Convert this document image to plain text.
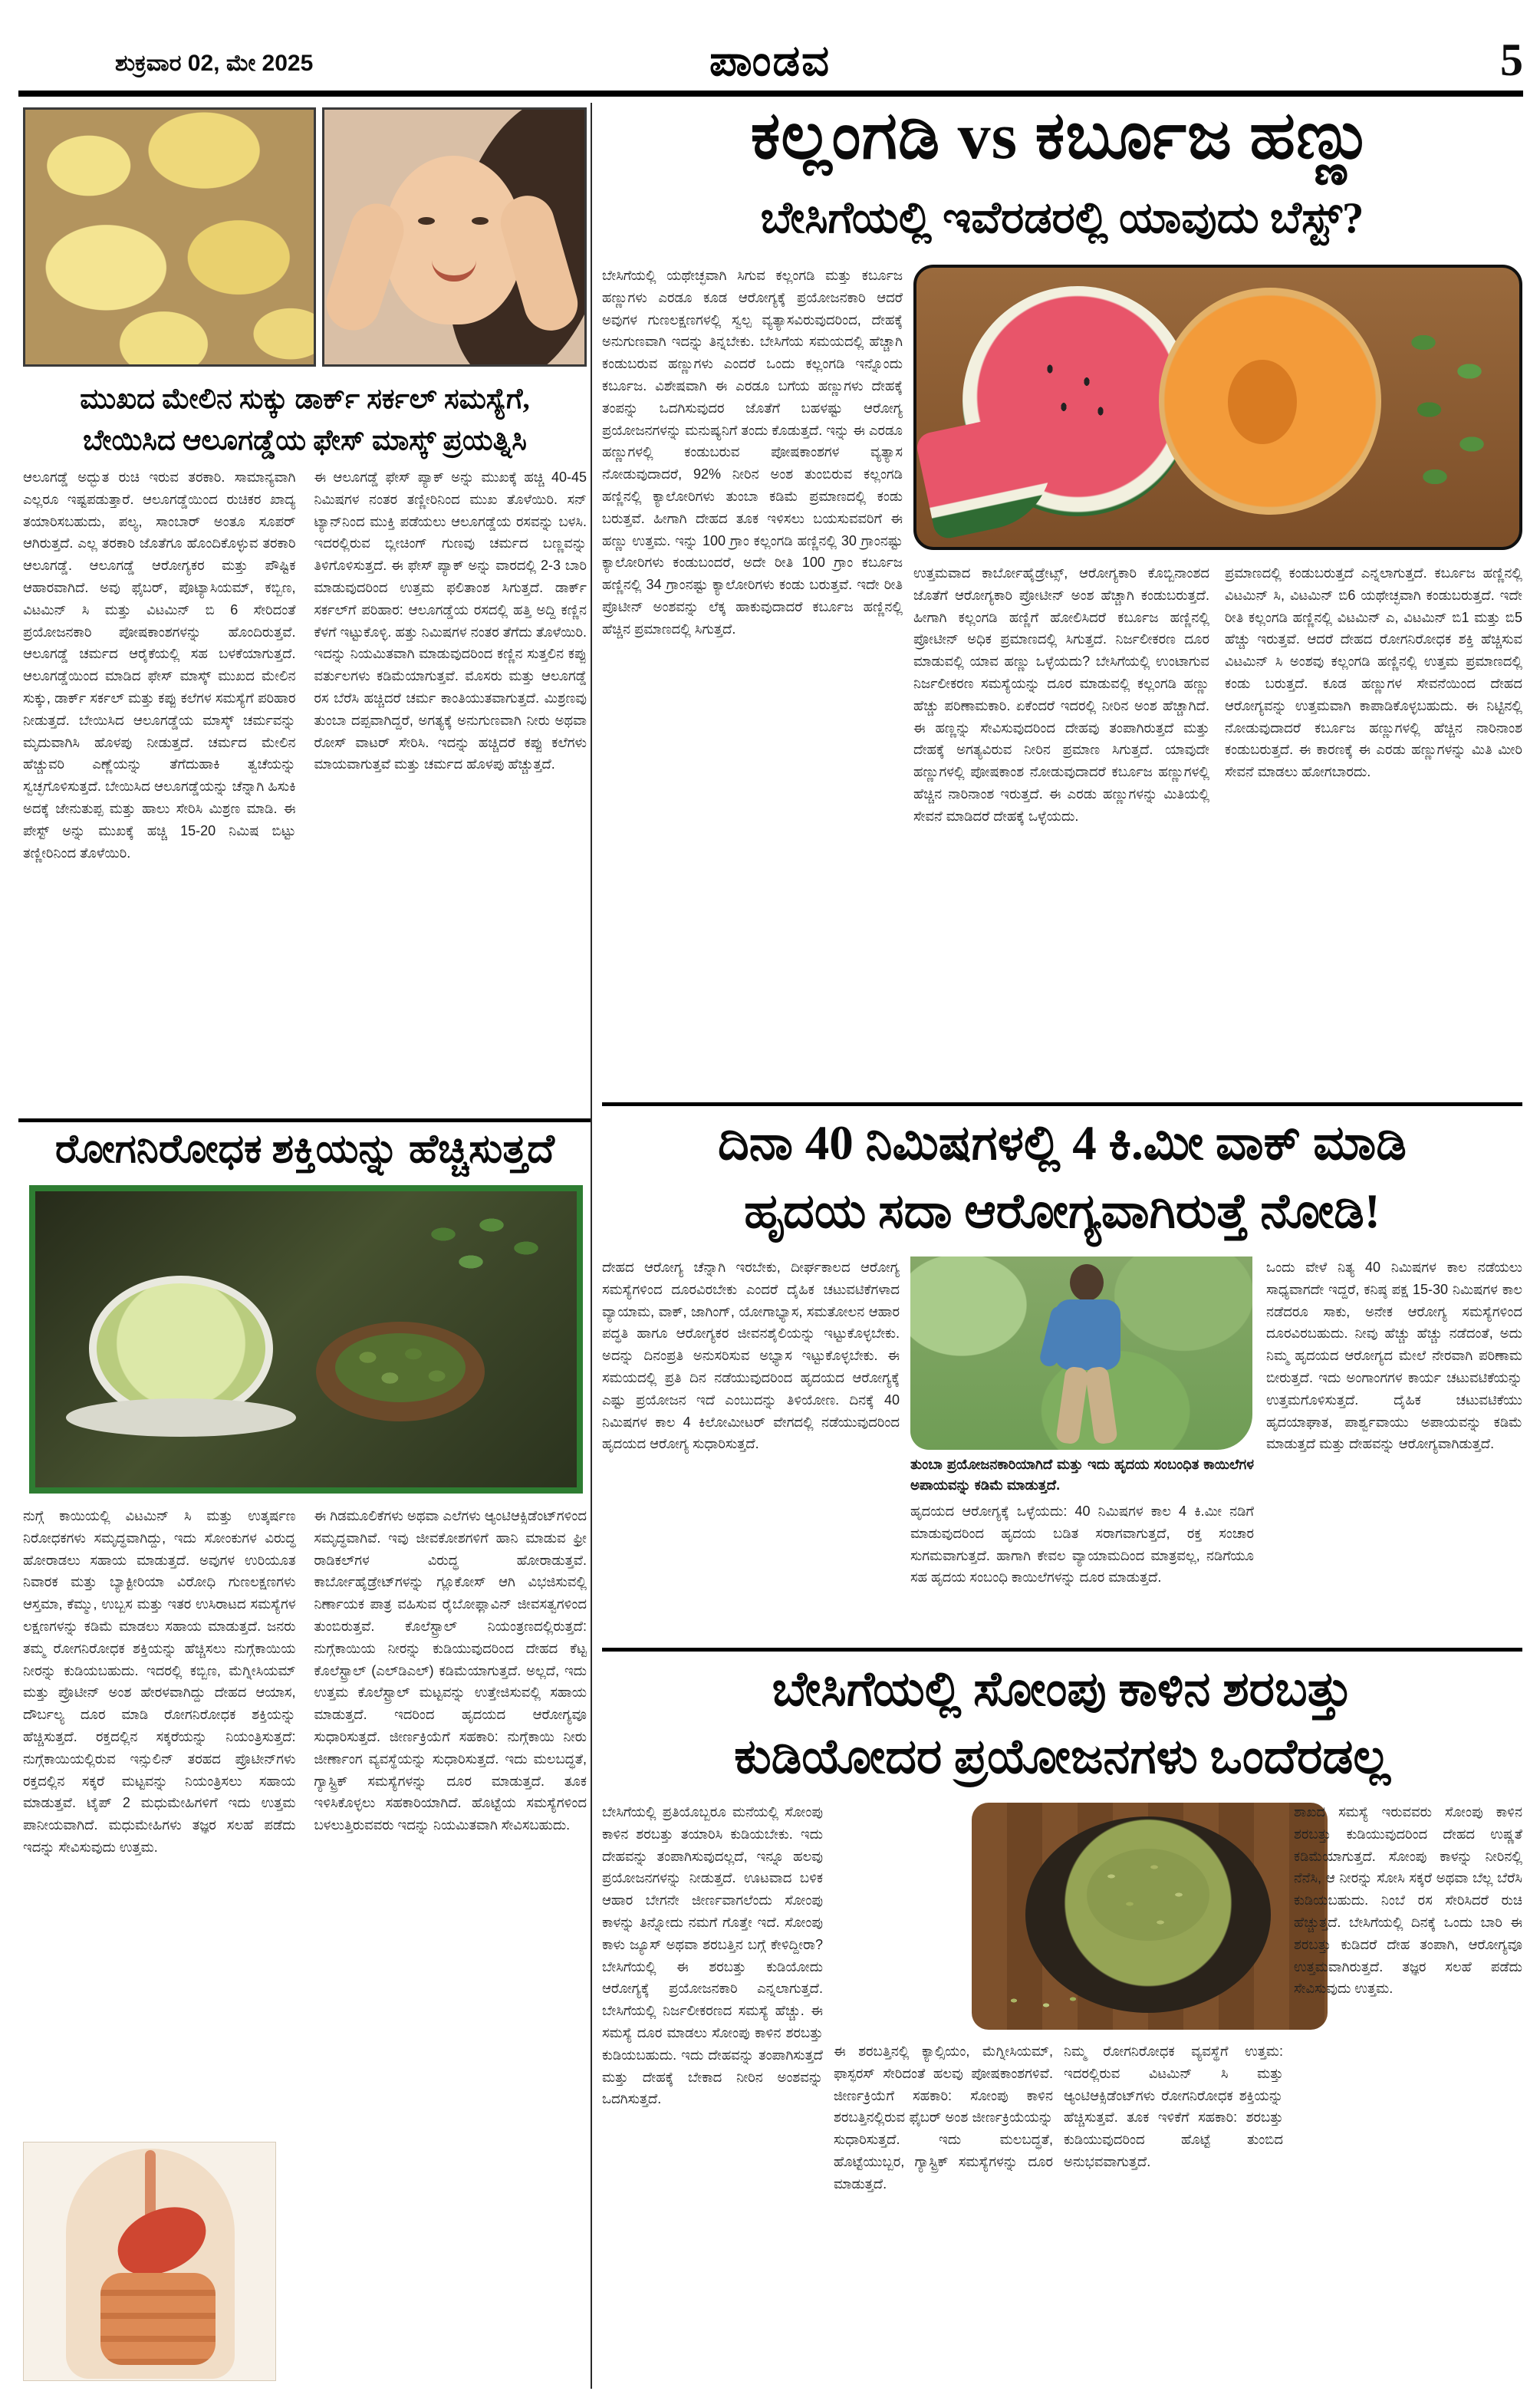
ಶುಕ್ರವಾರ 02, ಮೇ 2025	ಪಾಂಡವ	5
ಮುಖದ ಮೇಲಿನ ಸುಕ್ಕು ಡಾರ್ಕ್ ಸರ್ಕಲ್ ಸಮಸ್ಯೆಗೆ,
ಬೇಯಿಸಿದ ಆಲೂಗಡ್ಡೆಯ ಫೇಸ್ ಮಾಸ್ಕ್ ಪ್ರಯತ್ನಿಸಿ
ಆಲೂಗಡ್ಡೆ ಅದ್ಭುತ ರುಚಿ ಇರುವ ತರಕಾರಿ. ಸಾಮಾನ್ಯವಾಗಿ ಎಲ್ಲರೂ ಇಷ್ಟಪಡುತ್ತಾರೆ. ಆಲೂಗಡ್ಡೆಯಿಂದ ರುಚಿಕರ ಖಾದ್ಯ ತಯಾರಿಸಬಹುದು, ಪಲ್ಯ, ಸಾಂಬಾರ್ ಅಂತೂ ಸೂಪರ್ ಆಗಿರುತ್ತದೆ. ಎಲ್ಲ ತರಕಾರಿ ಜೊತೆಗೂ ಹೊಂದಿಕೊಳ್ಳುವ ತರಕಾರಿ ಆಲೂಗಡ್ಡೆ. ಆಲೂಗಡ್ಡೆ ಆರೋಗ್ಯಕರ ಮತ್ತು ಪೌಷ್ಟಿಕ ಆಹಾರವಾಗಿದೆ. ಅವು ಫೈಬರ್, ಪೊಟ್ಯಾಸಿಯಮ್, ಕಬ್ಬಿಣ, ವಿಟಮಿನ್ ಸಿ ಮತ್ತು ವಿಟಮಿನ್ ಬಿ 6 ಸೇರಿದಂತೆ ಪ್ರಯೋಜನಕಾರಿ ಪೋಷಕಾಂಶಗಳನ್ನು ಹೊಂದಿರುತ್ತವೆ. ಆಲೂಗಡ್ಡೆ ಚರ್ಮದ ಆರೈಕೆಯಲ್ಲಿ ಸಹ ಬಳಕೆಯಾಗುತ್ತದೆ. ಆಲೂಗಡ್ಡೆಯಿಂದ ಮಾಡಿದ ಫೇಸ್ ಮಾಸ್ಕ್ ಮುಖದ ಮೇಲಿನ ಸುಕ್ಕು, ಡಾರ್ಕ್ ಸರ್ಕಲ್ ಮತ್ತು ಕಪ್ಪು ಕಲೆಗಳ ಸಮಸ್ಯೆಗೆ ಪರಿಹಾರ ನೀಡುತ್ತದೆ. ಬೇಯಿಸಿದ ಆಲೂಗಡ್ಡೆಯ ಮಾಸ್ಕ್ ಚರ್ಮವನ್ನು ಮೃದುವಾಗಿಸಿ ಹೊಳಪು ನೀಡುತ್ತದೆ. ಚರ್ಮದ ಮೇಲಿನ ಹೆಚ್ಚುವರಿ ಎಣ್ಣೆಯನ್ನು ತೆಗೆದುಹಾಕಿ ತ್ವಚೆಯನ್ನು ಸ್ವಚ್ಛಗೊಳಿಸುತ್ತದೆ. ಬೇಯಿಸಿದ ಆಲೂಗಡ್ಡೆಯನ್ನು ಚೆನ್ನಾಗಿ ಹಿಸುಕಿ ಅದಕ್ಕೆ ಜೇನುತುಪ್ಪ ಮತ್ತು ಹಾಲು ಸೇರಿಸಿ ಮಿಶ್ರಣ ಮಾಡಿ. ಈ ಪೇಸ್ಟ್ ಅನ್ನು ಮುಖಕ್ಕೆ ಹಚ್ಚಿ 15-20 ನಿಮಿಷ ಬಿಟ್ಟು ತಣ್ಣೀರಿನಿಂದ ತೊಳೆಯಿರಿ.
ಈ ಆಲೂಗಡ್ಡೆ ಫೇಸ್ ಪ್ಯಾಕ್ ಅನ್ನು ಮುಖಕ್ಕೆ ಹಚ್ಚಿ 40-45 ನಿಮಿಷಗಳ ನಂತರ ತಣ್ಣೀರಿನಿಂದ ಮುಖ ತೊಳೆಯಿರಿ. ಸನ್ ಟ್ಯಾನ್‌ನಿಂದ ಮುಕ್ತಿ ಪಡೆಯಲು ಆಲೂಗಡ್ಡೆಯ ರಸವನ್ನು ಬಳಸಿ. ಇದರಲ್ಲಿರುವ ಬ್ಲೀಚಿಂಗ್ ಗುಣವು ಚರ್ಮದ ಬಣ್ಣವನ್ನು ತಿಳಿಗೊಳಿಸುತ್ತದೆ. ಈ ಫೇಸ್ ಪ್ಯಾಕ್ ಅನ್ನು ವಾರದಲ್ಲಿ 2-3 ಬಾರಿ ಮಾಡುವುದರಿಂದ ಉತ್ತಮ ಫಲಿತಾಂಶ ಸಿಗುತ್ತದೆ. ಡಾರ್ಕ್ ಸರ್ಕಲ್‌ಗೆ ಪರಿಹಾರ: ಆಲೂಗಡ್ಡೆಯ ರಸದಲ್ಲಿ ಹತ್ತಿ ಅದ್ದಿ ಕಣ್ಣಿನ ಕೆಳಗೆ ಇಟ್ಟುಕೊಳ್ಳಿ. ಹತ್ತು ನಿಮಿಷಗಳ ನಂತರ ತೆಗೆದು ತೊಳೆಯಿರಿ. ಇದನ್ನು ನಿಯಮಿತವಾಗಿ ಮಾಡುವುದರಿಂದ ಕಣ್ಣಿನ ಸುತ್ತಲಿನ ಕಪ್ಪು ವರ್ತುಲಗಳು ಕಡಿಮೆಯಾಗುತ್ತವೆ. ಮೊಸರು ಮತ್ತು ಆಲೂಗಡ್ಡೆ ರಸ ಬೆರೆಸಿ ಹಚ್ಚಿದರೆ ಚರ್ಮ ಕಾಂತಿಯುತವಾಗುತ್ತದೆ. ಮಿಶ್ರಣವು ತುಂಬಾ ದಪ್ಪವಾಗಿದ್ದರೆ, ಅಗತ್ಯಕ್ಕೆ ಅನುಗುಣವಾಗಿ ನೀರು ಅಥವಾ ರೋಸ್ ವಾಟರ್ ಸೇರಿಸಿ. ಇದನ್ನು ಹಚ್ಚಿದರೆ ಕಪ್ಪು ಕಲೆಗಳು ಮಾಯವಾಗುತ್ತವೆ ಮತ್ತು ಚರ್ಮದ ಹೊಳಪು ಹೆಚ್ಚುತ್ತದೆ.
ರೋಗನಿರೋಧಕ ಶಕ್ತಿಯನ್ನು ಹೆಚ್ಚಿಸುತ್ತದೆ
ನುಗ್ಗೆ ಕಾಯಿಯಲ್ಲಿ ವಿಟಮಿನ್ ಸಿ ಮತ್ತು ಉತ್ಕರ್ಷಣ ನಿರೋಧಕಗಳು ಸಮೃದ್ಧವಾಗಿದ್ದು, ಇದು ಸೋಂಕುಗಳ ವಿರುದ್ಧ ಹೋರಾಡಲು ಸಹಾಯ ಮಾಡುತ್ತದೆ. ಅವುಗಳ ಉರಿಯೂತ ನಿವಾರಕ ಮತ್ತು ಬ್ಯಾಕ್ಟೀರಿಯಾ ವಿರೋಧಿ ಗುಣಲಕ್ಷಣಗಳು ಆಸ್ತಮಾ, ಕೆಮ್ಮು, ಉಬ್ಬಸ ಮತ್ತು ಇತರ ಉಸಿರಾಟದ ಸಮಸ್ಯೆಗಳ ಲಕ್ಷಣಗಳನ್ನು ಕಡಿಮೆ ಮಾಡಲು ಸಹಾಯ ಮಾಡುತ್ತದೆ. ಜನರು ತಮ್ಮ ರೋಗನಿರೋಧಕ ಶಕ್ತಿಯನ್ನು ಹೆಚ್ಚಿಸಲು ನುಗ್ಗೆಕಾಯಿಯ ನೀರನ್ನು ಕುಡಿಯಬಹುದು. ಇದರಲ್ಲಿ ಕಬ್ಬಿಣ, ಮೆಗ್ನೀಸಿಯಮ್ ಮತ್ತು ಪ್ರೊಟೀನ್ ಅಂಶ ಹೇರಳವಾಗಿದ್ದು ದೇಹದ ಆಯಾಸ, ದೌರ್ಬಲ್ಯ ದೂರ ಮಾಡಿ ರೋಗನಿರೋಧಕ ಶಕ್ತಿಯನ್ನು ಹೆಚ್ಚಿಸುತ್ತದೆ. ರಕ್ತದಲ್ಲಿನ ಸಕ್ಕರೆಯನ್ನು ನಿಯಂತ್ರಿಸುತ್ತದೆ: ನುಗ್ಗೆಕಾಯಿಯಲ್ಲಿರುವ ಇನ್ಸುಲಿನ್ ತರಹದ ಪ್ರೊಟೀನ್‌ಗಳು ರಕ್ತದಲ್ಲಿನ ಸಕ್ಕರೆ ಮಟ್ಟವನ್ನು ನಿಯಂತ್ರಿಸಲು ಸಹಾಯ ಮಾಡುತ್ತವೆ. ಟೈಪ್ 2 ಮಧುಮೇಹಿಗಳಿಗೆ ಇದು ಉತ್ತಮ ಪಾನೀಯವಾಗಿದೆ. ಮಧುಮೇಹಿಗಳು ತಜ್ಞರ ಸಲಹೆ ಪಡೆದು ಇದನ್ನು ಸೇವಿಸುವುದು ಉತ್ತಮ.
ಈ ಗಿಡಮೂಲಿಕೆಗಳು ಅಥವಾ ಎಲೆಗಳು ಆ್ಯಂಟಿಆಕ್ಸಿಡೆಂಟ್‌ಗಳಿಂದ ಸಮೃದ್ಧವಾಗಿವೆ. ಇವು ಜೀವಕೋಶಗಳಿಗೆ ಹಾನಿ ಮಾಡುವ ಫ್ರೀ ರಾಡಿಕಲ್‌ಗಳ ವಿರುದ್ಧ ಹೋರಾಡುತ್ತವೆ. ಕಾರ್ಬೋಹೈಡ್ರೇಟ್‌ಗಳನ್ನು ಗ್ಲೂಕೋಸ್ ಆಗಿ ವಿಭಜಿಸುವಲ್ಲಿ ನಿರ್ಣಾಯಕ ಪಾತ್ರ ವಹಿಸುವ ರೈಬೋಫ್ಲಾವಿನ್ ಜೀವಸತ್ವಗಳಿಂದ ತುಂಬಿರುತ್ತವೆ. ಕೊಲೆಸ್ಟ್ರಾಲ್ ನಿಯಂತ್ರಣದಲ್ಲಿರುತ್ತದೆ: ನುಗ್ಗೆಕಾಯಿಯ ನೀರನ್ನು ಕುಡಿಯುವುದರಿಂದ ದೇಹದ ಕೆಟ್ಟ ಕೊಲೆಸ್ಟ್ರಾಲ್ (ಎಲ್‌ಡಿಎಲ್) ಕಡಿಮೆಯಾಗುತ್ತದೆ. ಅಲ್ಲದೆ, ಇದು ಉತ್ತಮ ಕೊಲೆಸ್ಟ್ರಾಲ್ ಮಟ್ಟವನ್ನು ಉತ್ತೇಜಿಸುವಲ್ಲಿ ಸಹಾಯ ಮಾಡುತ್ತದೆ. ಇದರಿಂದ ಹೃದಯದ ಆರೋಗ್ಯವೂ ಸುಧಾರಿಸುತ್ತದೆ. ಜೀರ್ಣಕ್ರಿಯೆಗೆ ಸಹಕಾರಿ: ನುಗ್ಗೆಕಾಯಿ ನೀರು ಜೀರ್ಣಾಂಗ ವ್ಯವಸ್ಥೆಯನ್ನು ಸುಧಾರಿಸುತ್ತದೆ. ಇದು ಮಲಬದ್ಧತೆ, ಗ್ಯಾಸ್ಟ್ರಿಕ್ ಸಮಸ್ಯೆಗಳನ್ನು ದೂರ ಮಾಡುತ್ತದೆ. ತೂಕ ಇಳಿಸಿಕೊಳ್ಳಲು ಸಹಕಾರಿಯಾಗಿದೆ. ಹೊಟ್ಟೆಯ ಸಮಸ್ಯೆಗಳಿಂದ ಬಳಲುತ್ತಿರುವವರು ಇದನ್ನು ನಿಯಮಿತವಾಗಿ ಸೇವಿಸಬಹುದು.
ಕಲ್ಲಂಗಡಿ vs ಕರ್ಬೂಜ ಹಣ್ಣು
ಬೇಸಿಗೆಯಲ್ಲಿ ಇವೆರಡರಲ್ಲಿ ಯಾವುದು ಬೆಸ್ಟ್?
ಬೇಸಿಗೆಯಲ್ಲಿ ಯಥೇಚ್ಛವಾಗಿ ಸಿಗುವ ಕಲ್ಲಂಗಡಿ ಮತ್ತು ಕರ್ಬೂಜ ಹಣ್ಣುಗಳು ಎರಡೂ ಕೂಡ ಆರೋಗ್ಯಕ್ಕೆ ಪ್ರಯೋಜನಕಾರಿ ಆದರೆ ಅವುಗಳ ಗುಣಲಕ್ಷಣಗಳಲ್ಲಿ ಸ್ವಲ್ಪ ವ್ಯತ್ಯಾಸವಿರುವುದರಿಂದ, ದೇಹಕ್ಕೆ ಅನುಗುಣವಾಗಿ ಇದನ್ನು ತಿನ್ನಬೇಕು. ಬೇಸಿಗೆಯ ಸಮಯದಲ್ಲಿ ಹೆಚ್ಚಾಗಿ ಕಂಡುಬರುವ ಹಣ್ಣುಗಳು ಎಂದರೆ ಒಂದು ಕಲ್ಲಂಗಡಿ ಇನ್ನೊಂದು ಕರ್ಬೂಜ. ವಿಶೇಷವಾಗಿ ಈ ಎರಡೂ ಬಗೆಯ ಹಣ್ಣುಗಳು ದೇಹಕ್ಕೆ ತಂಪನ್ನು ಒದಗಿಸುವುದರ ಜೊತೆಗೆ ಬಹಳಷ್ಟು ಆರೋಗ್ಯ ಪ್ರಯೋಜನಗಳನ್ನು ಮನುಷ್ಯನಿಗೆ ತಂದು ಕೊಡುತ್ತದೆ. ಇನ್ನು ಈ ಎರಡೂ ಹಣ್ಣುಗಳಲ್ಲಿ ಕಂಡುಬರುವ ಪೋಷಕಾಂಶಗಳ ವ್ಯತ್ಯಾಸ ನೋಡುವುದಾದರೆ, 92% ನೀರಿನ ಅಂಶ ತುಂಬಿರುವ ಕಲ್ಲಂಗಡಿ ಹಣ್ಣಿನಲ್ಲಿ ಕ್ಯಾಲೋರಿಗಳು ತುಂಬಾ ಕಡಿಮೆ ಪ್ರಮಾಣದಲ್ಲಿ ಕಂಡು ಬರುತ್ತವೆ. ಹೀಗಾಗಿ ದೇಹದ ತೂಕ ಇಳಿಸಲು ಬಯಸುವವರಿಗೆ ಈ ಹಣ್ಣು ಉತ್ತಮ. ಇನ್ನು 100 ಗ್ರಾಂ ಕಲ್ಲಂಗಡಿ ಹಣ್ಣಿನಲ್ಲಿ 30 ಗ್ರಾಂನಷ್ಟು ಕ್ಯಾಲೋರಿಗಳು ಕಂಡುಬಂದರೆ, ಅದೇ ರೀತಿ 100 ಗ್ರಾಂ ಕರ್ಬೂಜ ಹಣ್ಣಿನಲ್ಲಿ 34 ಗ್ರಾಂನಷ್ಟು ಕ್ಯಾಲೋರಿಗಳು ಕಂಡು ಬರುತ್ತವೆ. ಇದೇ ರೀತಿ ಪ್ರೊಟೀನ್ ಅಂಶವನ್ನು ಲೆಕ್ಕ ಹಾಕುವುದಾದರೆ ಕರ್ಬೂಜ ಹಣ್ಣಿನಲ್ಲಿ ಹೆಚ್ಚಿನ ಪ್ರಮಾಣದಲ್ಲಿ ಸಿಗುತ್ತದೆ.
ಉತ್ತಮವಾದ ಕಾರ್ಬೋಹೈಡ್ರೇಟ್ಸ್, ಆರೋಗ್ಯಕಾರಿ ಕೊಬ್ಬಿನಾಂಶದ ಜೊತೆಗೆ ಆರೋಗ್ಯಕಾರಿ ಪ್ರೋಟೀನ್ ಅಂಶ ಹೆಚ್ಚಾಗಿ ಕಂಡುಬರುತ್ತದೆ. ಹೀಗಾಗಿ ಕಲ್ಲಂಗಡಿ ಹಣ್ಣಿಗೆ ಹೋಲಿಸಿದರೆ ಕರ್ಬೂಜ ಹಣ್ಣಿನಲ್ಲಿ ಪ್ರೋಟೀನ್ ಅಧಿಕ ಪ್ರಮಾಣದಲ್ಲಿ ಸಿಗುತ್ತದೆ. ನಿರ್ಜಲೀಕರಣ ದೂರ ಮಾಡುವಲ್ಲಿ ಯಾವ ಹಣ್ಣು ಒಳ್ಳೆಯದು? ಬೇಸಿಗೆಯಲ್ಲಿ ಉಂಟಾಗುವ ನಿರ್ಜಲೀಕರಣ ಸಮಸ್ಯೆಯನ್ನು ದೂರ ಮಾಡುವಲ್ಲಿ ಕಲ್ಲಂಗಡಿ ಹಣ್ಣು ಹೆಚ್ಚು ಪರಿಣಾಮಕಾರಿ. ಏಕೆಂದರೆ ಇದರಲ್ಲಿ ನೀರಿನ ಅಂಶ ಹೆಚ್ಚಾಗಿದೆ. ಈ ಹಣ್ಣನ್ನು ಸೇವಿಸುವುದರಿಂದ ದೇಹವು ತಂಪಾಗಿರುತ್ತದೆ ಮತ್ತು ದೇಹಕ್ಕೆ ಅಗತ್ಯವಿರುವ ನೀರಿನ ಪ್ರಮಾಣ ಸಿಗುತ್ತದೆ. ಯಾವುದೇ ಹಣ್ಣುಗಳಲ್ಲಿ ಪೋಷಕಾಂಶ ನೋಡುವುದಾದರೆ ಕರ್ಬೂಜ ಹಣ್ಣುಗಳಲ್ಲಿ ಹೆಚ್ಚಿನ ನಾರಿನಾಂಶ ಇರುತ್ತದೆ. ಈ ಎರಡು ಹಣ್ಣುಗಳನ್ನು ಮಿತಿಯಲ್ಲಿ ಸೇವನೆ ಮಾಡಿದರೆ ದೇಹಕ್ಕೆ ಒಳ್ಳೆಯದು.
ಪ್ರಮಾಣದಲ್ಲಿ ಕಂಡುಬರುತ್ತದೆ ಎನ್ನಲಾಗುತ್ತದೆ. ಕರ್ಬೂಜ ಹಣ್ಣಿನಲ್ಲಿ ವಿಟಮಿನ್ ಸಿ, ವಿಟಮಿನ್ ಬಿ6 ಯಥೇಚ್ಛವಾಗಿ ಕಂಡುಬರುತ್ತದೆ. ಇದೇ ರೀತಿ ಕಲ್ಲಂಗಡಿ ಹಣ್ಣಿನಲ್ಲಿ ವಿಟಮಿನ್ ಎ, ವಿಟಮಿನ್ ಬಿ1 ಮತ್ತು ಬಿ5 ಹೆಚ್ಚು ಇರುತ್ತವೆ. ಆದರೆ ದೇಹದ ರೋಗನಿರೋಧಕ ಶಕ್ತಿ ಹೆಚ್ಚಿಸುವ ವಿಟಮಿನ್ ಸಿ ಅಂಶವು ಕಲ್ಲಂಗಡಿ ಹಣ್ಣಿನಲ್ಲಿ ಉತ್ತಮ ಪ್ರಮಾಣದಲ್ಲಿ ಕಂಡು ಬರುತ್ತದೆ. ಕೂಡ ಹಣ್ಣುಗಳ ಸೇವನೆಯಿಂದ ದೇಹದ ಆರೋಗ್ಯವನ್ನು ಉತ್ತಮವಾಗಿ ಕಾಪಾಡಿಕೊಳ್ಳಬಹುದು. ಈ ನಿಟ್ಟಿನಲ್ಲಿ ನೋಡುವುದಾದರೆ ಕರ್ಬೂಜ ಹಣ್ಣುಗಳಲ್ಲಿ ಹೆಚ್ಚಿನ ನಾರಿನಾಂಶ ಕಂಡುಬರುತ್ತದೆ. ಈ ಕಾರಣಕ್ಕೆ ಈ ಎರಡು ಹಣ್ಣುಗಳನ್ನು ಮಿತಿ ಮೀರಿ ಸೇವನೆ ಮಾಡಲು ಹೋಗಬಾರದು.
ದಿನಾ 40 ನಿಮಿಷಗಳಲ್ಲಿ 4 ಕಿ.ಮೀ ವಾಕ್ ಮಾಡಿ
ಹೃದಯ ಸದಾ ಆರೋಗ್ಯವಾಗಿರುತ್ತೆ ನೋಡಿ!
ದೇಹದ ಆರೋಗ್ಯ ಚೆನ್ನಾಗಿ ಇರಬೇಕು, ದೀರ್ಘಕಾಲದ ಆರೋಗ್ಯ ಸಮಸ್ಯೆಗಳಿಂದ ದೂರವಿರಬೇಕು ಎಂದರೆ ದೈಹಿಕ ಚಟುವಟಿಕೆಗಳಾದ ವ್ಯಾಯಾಮ, ವಾಕ್, ಜಾಗಿಂಗ್, ಯೋಗಾಭ್ಯಾಸ, ಸಮತೋಲನ ಆಹಾರ ಪದ್ಧತಿ ಹಾಗೂ ಆರೋಗ್ಯಕರ ಜೀವನಶೈಲಿಯನ್ನು ಇಟ್ಟುಕೊಳ್ಳಬೇಕು. ಅದನ್ನು ದಿನಂಪ್ರತಿ ಅನುಸರಿಸುವ ಅಭ್ಯಾಸ ಇಟ್ಟುಕೊಳ್ಳಬೇಕು. ಈ ಸಮಯದಲ್ಲಿ ಪ್ರತಿ ದಿನ ನಡೆಯುವುದರಿಂದ ಹೃದಯದ ಆರೋಗ್ಯಕ್ಕೆ ಎಷ್ಟು ಪ್ರಯೋಜನ ಇದೆ ಎಂಬುದನ್ನು ತಿಳಿಯೋಣ. ದಿನಕ್ಕೆ 40 ನಿಮಿಷಗಳ ಕಾಲ 4 ಕಿಲೋಮೀಟರ್ ವೇಗದಲ್ಲಿ ನಡೆಯುವುದರಿಂದ ಹೃದಯದ ಆರೋಗ್ಯ ಸುಧಾರಿಸುತ್ತದೆ.
ತುಂಬಾ ಪ್ರಯೋಜನಕಾರಿಯಾಗಿದೆ ಮತ್ತು ಇದು ಹೃದಯ ಸಂಬಂಧಿತ ಕಾಯಿಲೆಗಳ ಅಪಾಯವನ್ನು ಕಡಿಮೆ ಮಾಡುತ್ತದೆ.
ಹೃದಯದ ಆರೋಗ್ಯಕ್ಕೆ ಒಳ್ಳೆಯದು: 40 ನಿಮಿಷಗಳ ಕಾಲ 4 ಕಿ.ಮೀ ನಡಿಗೆ ಮಾಡುವುದರಿಂದ ಹೃದಯ ಬಡಿತ ಸರಾಗವಾಗುತ್ತದೆ, ರಕ್ತ ಸಂಚಾರ ಸುಗಮವಾಗುತ್ತದೆ. ಹಾಗಾಗಿ ಕೇವಲ ವ್ಯಾಯಾಮದಿಂದ ಮಾತ್ರವಲ್ಲ, ನಡಿಗೆಯೂ ಸಹ ಹೃದಯ ಸಂಬಂಧಿ ಕಾಯಿಲೆಗಳನ್ನು ದೂರ ಮಾಡುತ್ತದೆ.
ಒಂದು ವೇಳೆ ನಿತ್ಯ 40 ನಿಮಿಷಗಳ ಕಾಲ ನಡೆಯಲು ಸಾಧ್ಯವಾಗದೇ ಇದ್ದರೆ, ಕನಿಷ್ಠ ಪಕ್ಷ 15-30 ನಿಮಿಷಗಳ ಕಾಲ ನಡೆದರೂ ಸಾಕು, ಅನೇಕ ಆರೋಗ್ಯ ಸಮಸ್ಯೆಗಳಿಂದ ದೂರವಿರಬಹುದು. ನೀವು ಹೆಚ್ಚು ಹೆಚ್ಚು ನಡೆದಂತೆ, ಅದು ನಿಮ್ಮ ಹೃದಯದ ಆರೋಗ್ಯದ ಮೇಲೆ ನೇರವಾಗಿ ಪರಿಣಾಮ ಬೀರುತ್ತದೆ. ಇದು ಅಂಗಾಂಗಗಳ ಕಾರ್ಯ ಚಟುವಟಿಕೆಯನ್ನು ಉತ್ತಮಗೊಳಿಸುತ್ತದೆ. ದೈಹಿಕ ಚಟುವಟಿಕೆಯು ಹೃದಯಾಘಾತ, ಪಾರ್ಶ್ವವಾಯು ಅಪಾಯವನ್ನು ಕಡಿಮೆ ಮಾಡುತ್ತದೆ ಮತ್ತು ದೇಹವನ್ನು ಆರೋಗ್ಯವಾಗಿಡುತ್ತದೆ.
ಬೇಸಿಗೆಯಲ್ಲಿ ಸೋಂಪು ಕಾಳಿನ ಶರಬತ್ತು
ಕುಡಿಯೋದರ ಪ್ರಯೋಜನಗಳು ಒಂದೆರಡಲ್ಲ
ಬೇಸಿಗೆಯಲ್ಲಿ ಪ್ರತಿಯೊಬ್ಬರೂ ಮನೆಯಲ್ಲಿ ಸೋಂಪು ಕಾಳಿನ ಶರಬತ್ತು ತಯಾರಿಸಿ ಕುಡಿಯಬೇಕು. ಇದು ದೇಹವನ್ನು ತಂಪಾಗಿಸುವುದಲ್ಲದೆ, ಇನ್ನೂ ಹಲವು ಪ್ರಯೋಜನಗಳನ್ನು ನೀಡುತ್ತದೆ. ಊಟವಾದ ಬಳಿಕ ಆಹಾರ ಬೇಗನೇ ಜೀರ್ಣವಾಗಲೆಂದು ಸೋಂಪು ಕಾಳನ್ನು ತಿನ್ನೋದು ನಮಗೆ ಗೊತ್ತೇ ಇದೆ. ಸೋಂಪು ಕಾಳು ಜ್ಯೂಸ್ ಅಥವಾ ಶರಬತ್ತಿನ ಬಗ್ಗೆ ಕೇಳಿದ್ದೀರಾ? ಬೇಸಿಗೆಯಲ್ಲಿ ಈ ಶರಬತ್ತು ಕುಡಿಯೋದು ಆರೋಗ್ಯಕ್ಕೆ ಪ್ರಯೋಜನಕಾರಿ ಎನ್ನಲಾಗುತ್ತದೆ. ಬೇಸಿಗೆಯಲ್ಲಿ ನಿರ್ಜಲೀಕರಣದ ಸಮಸ್ಯೆ ಹೆಚ್ಚು. ಈ ಸಮಸ್ಯೆ ದೂರ ಮಾಡಲು ಸೋಂಪು ಕಾಳಿನ ಶರಬತ್ತು ಕುಡಿಯಬಹುದು. ಇದು ದೇಹವನ್ನು ತಂಪಾಗಿಸುತ್ತದೆ ಮತ್ತು ದೇಹಕ್ಕೆ ಬೇಕಾದ ನೀರಿನ ಅಂಶವನ್ನು ಒದಗಿಸುತ್ತದೆ.
ಈ ಶರಬತ್ತಿನಲ್ಲಿ ಕ್ಯಾಲ್ಸಿಯಂ, ಮೆಗ್ನೀಸಿಯಮ್, ಫಾಸ್ಫರಸ್ ಸೇರಿದಂತೆ ಹಲವು ಪೋಷಕಾಂಶಗಳಿವೆ. ಜೀರ್ಣಕ್ರಿಯೆಗೆ ಸಹಕಾರಿ: ಸೋಂಪು ಕಾಳಿನ ಶರಬತ್ತಿನಲ್ಲಿರುವ ಫೈಬರ್ ಅಂಶ ಜೀರ್ಣಕ್ರಿಯೆಯನ್ನು ಸುಧಾರಿಸುತ್ತದೆ. ಇದು ಮಲಬದ್ಧತೆ, ಹೊಟ್ಟೆಯುಬ್ಬರ, ಗ್ಯಾಸ್ಟ್ರಿಕ್ ಸಮಸ್ಯೆಗಳನ್ನು ದೂರ ಮಾಡುತ್ತದೆ.
ನಿಮ್ಮ ರೋಗನಿರೋಧಕ ವ್ಯವಸ್ಥೆಗೆ ಉತ್ತಮ: ಇದರಲ್ಲಿರುವ ವಿಟಮಿನ್ ಸಿ ಮತ್ತು ಆ್ಯಂಟಿಆಕ್ಸಿಡೆಂಟ್‌ಗಳು ರೋಗನಿರೋಧಕ ಶಕ್ತಿಯನ್ನು ಹೆಚ್ಚಿಸುತ್ತವೆ. ತೂಕ ಇಳಿಕೆಗೆ ಸಹಕಾರಿ: ಶರಬತ್ತು ಕುಡಿಯುವುದರಿಂದ ಹೊಟ್ಟೆ ತುಂಬಿದ ಅನುಭವವಾಗುತ್ತದೆ.
ಶಾಖದ ಸಮಸ್ಯೆ ಇರುವವರು ಸೋಂಪು ಕಾಳಿನ ಶರಬತ್ತು ಕುಡಿಯುವುದರಿಂದ ದೇಹದ ಉಷ್ಣತೆ ಕಡಿಮೆಯಾಗುತ್ತದೆ. ಸೋಂಪು ಕಾಳನ್ನು ನೀರಿನಲ್ಲಿ ನೆನೆಸಿ, ಆ ನೀರನ್ನು ಸೋಸಿ ಸಕ್ಕರೆ ಅಥವಾ ಬೆಲ್ಲ ಬೆರೆಸಿ ಕುಡಿಯಬಹುದು. ನಿಂಬೆ ರಸ ಸೇರಿಸಿದರೆ ರುಚಿ ಹೆಚ್ಚುತ್ತದೆ. ಬೇಸಿಗೆಯಲ್ಲಿ ದಿನಕ್ಕೆ ಒಂದು ಬಾರಿ ಈ ಶರಬತ್ತು ಕುಡಿದರೆ ದೇಹ ತಂಪಾಗಿ, ಆರೋಗ್ಯವೂ ಉತ್ತಮವಾಗಿರುತ್ತದೆ. ತಜ್ಞರ ಸಲಹೆ ಪಡೆದು ಸೇವಿಸುವುದು ಉತ್ತಮ.
